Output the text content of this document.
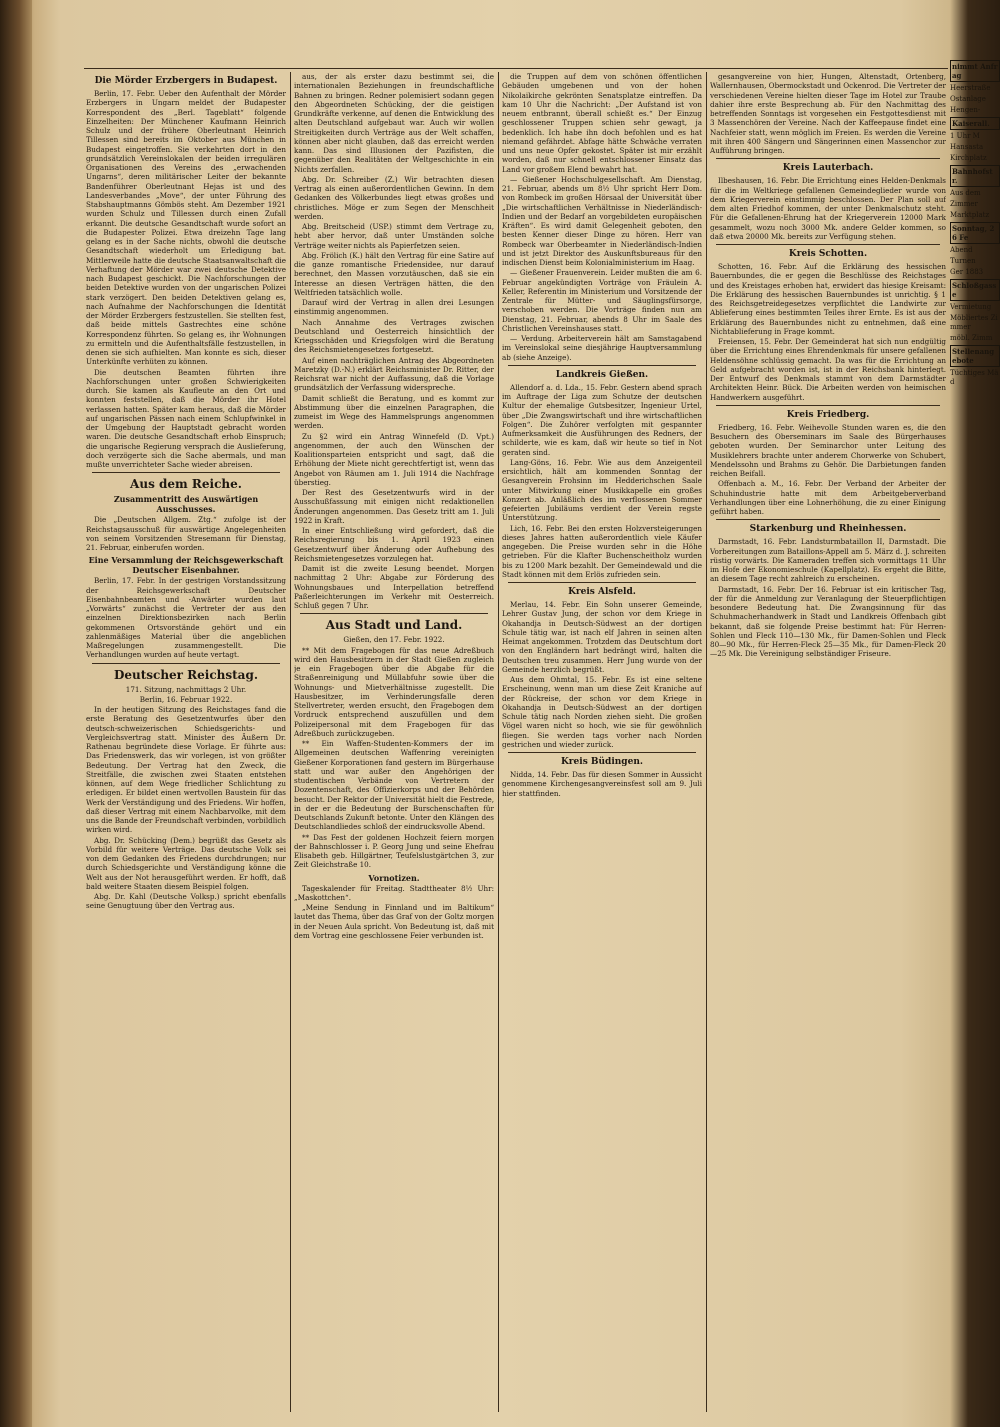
Die Mörder Erzbergers in Budapest.

Berlin, 17. Febr. Ueber den Aufenthalt der Mörder Erzbergers in Ungarn meldet der Budapester Korrespondent des „Berl. Tageblatt“ folgende Einzelheiten: Der Münchener Kaufmann Heinrich Schulz und der frühere Oberleutnant Heinrich Tillessen sind bereits im Oktober aus München in Budapest eingetroffen. Sie verkehrten dort in den grundsätzlich Vereinslokalen der beiden irregulären Organisationen des Vereins des „erwachenden Ungarns“, deren militärischer Leiter der bekannte Bandenführer Oberleutnant Hejas ist und des Landesverbandes „Move“, der unter Führung des Stabshauptmanns Gömbös steht. Am Dezember 1921 wurden Schulz und Tillessen durch einen Zufall erkannt. Die deutsche Gesandtschaft wurde sofort an die Budapester Polizei. Etwa dreizehn Tage lang gelang es in der Sache nichts, obwohl die deutsche Gesandtschaft wiederholt um Erledigung bat. Mittlerweile hatte die deutsche Staatsanwaltschaft die Verhaftung der Mörder war zwei deutsche Detektive nach Budapest geschickt. Die Nachforschungen der beiden Detektive wurden von der ungarischen Polizei stark verzögert. Den beiden Detektiven gelang es, nach Aufnahme der Nachforschungen die Identität der Mörder Erzbergers festzustellen. Sie stellten fest, daß beide mittels Gastrechtes eine schöne Korrespondenz führten. So gelang es, ihr Wohnungen zu ermitteln und die Aufenthaltsfälle festzustellen, in denen sie sich aufhielten. Man konnte es sich, dieser Unterkünfte verhüten zu können.

Die deutschen Beamten führten ihre Nachforschungen unter großen Schwierigkeiten durch. Sie kamen als Kaufleute an den Ort und konnten feststellen, daß die Mörder ihr Hotel verlassen hatten. Später kam heraus, daß die Mörder auf ungarischen Pässen nach einem Schlupfwinkel in der Umgebung der Hauptstadt gebracht worden waren. Die deutsche Gesandtschaft erhob Einspruch; die ungarische Regierung versprach die Auslieferung, doch verzögerte sich die Sache abermals, und man mußte unverrichteter Sache wieder abreisen.

Aus dem Reiche.
Zusammentritt des Auswärtigen Ausschusses.

Die „Deutschen Allgem. Ztg.“ zufolge ist der Reichstagsausschuß für auswärtige Angelegenheiten von seinem Vorsitzenden Stresemann für Dienstag, 21. Februar, einberufen worden.

Eine Versammlung der Reichsgewerkschaft Deutscher Eisenbahner.

Berlin, 17. Febr. In der gestrigen Vorstandssitzung der Reichsgewerkschaft Deutscher Eisenbahnbeamten und -Anwärter wurden laut „Vorwärts“ zunächst die Vertreter der aus den einzelnen Direktionsbezirken nach Berlin gekommenen Ortsvorstände gehört und ein zahlenmäßiges Material über die angeblichen Maßregelungen zusammengestellt. Die Verhandlungen wurden auf heute vertagt.

Deutscher Reichstag.
171. Sitzung, nachmittags 2 Uhr.
Berlin, 16. Februar 1922.

In der heutigen Sitzung des Reichstages fand die erste Beratung des Gesetzentwurfes über den deutsch-schweizerischen Schiedsgerichts- und Vergleichsvertrag statt. Minister des Äußern Dr. Rathenau begründete diese Vorlage. Er führte aus: Das Friedenswerk, das wir vorlegen, ist von größter Bedeutung. Der Vertrag hat den Zweck, die Streitfälle, die zwischen zwei Staaten entstehen können, auf dem Wege friedlicher Schlichtung zu erledigen. Er bildet einen wertvollen Baustein für das Werk der Verständigung und des Friedens. Wir hoffen, daß dieser Vertrag mit einem Nachbarvolke, mit dem uns die Bande der Freundschaft verbinden, vorbildlich wirken wird.

Abg. Dr. Schücking (Dem.) begrüßt das Gesetz als Vorbild für weitere Verträge. Das deutsche Volk sei von dem Gedanken des Friedens durchdrungen; nur durch Schiedsgerichte und Verständigung könne die Welt aus der Not herausgeführt werden. Er hofft, daß bald weitere Staaten diesem Beispiel folgen.

Abg. Dr. Kahl (Deutsche Volksp.) spricht ebenfalls seine Genugtuung über den Vertrag aus.

aus, der als erster dazu bestimmt sei, die internationalen Beziehungen in freundschaftliche Bahnen zu bringen. Redner polemisiert sodann gegen den Abgeordneten Schücking, der die geistigen Grundkräfte verkenne, auf denen die Entwicklung des alten Deutschland aufgebaut war. Auch wir wollen Streitigkeiten durch Verträge aus der Welt schaffen, können aber nicht glauben, daß das erreicht werden kann. Das sind Illusionen der Pazifisten, die gegenüber den Realitäten der Weltgeschichte in ein Nichts zerfallen.

Abg. Dr. Schreiber (Z.) Wir betrachten diesen Vertrag als einen außerordentlichen Gewinn. In dem Gedanken des Völkerbundes liegt etwas großes und christliches. Möge er zum Segen der Menschheit werden.

Abg. Breitscheid (USP.) stimmt dem Vertrage zu, hebt aber hervor, daß unter Umständen solche Verträge weiter nichts als Papierfetzen seien.

Abg. Frölich (K.) hält den Vertrag für eine Satire auf die ganze romantische Friedensidee, nur darauf berechnet, den Massen vorzutäuschen, daß sie ein Interesse an diesen Verträgen hätten, die den Weltfrieden tatsächlich wolle.

Darauf wird der Vertrag in allen drei Lesungen einstimmig angenommen.

Nach Annahme des Vertrages zwischen Deutschland und Oesterreich hinsichtlich der Kriegsschäden und Kriegsfolgen wird die Beratung des Reichsmietengesetzes fortgesetzt.

Auf einen nachträglichen Antrag des Abgeordneten Maretzky (D.-N.) erklärt Reichsminister Dr. Ritter, der Reichsrat war nicht der Auffassung, daß die Vorlage grundsätzlich der Verfassung widerspreche.

Damit schließt die Beratung, und es kommt zur Abstimmung über die einzelnen Paragraphen, die zumeist im Wege des Hammelsprungs angenommen werden.

Zu §2 wird ein Antrag Winnefeld (D. Vpt.) angenommen, der auch den Wünschen der Koalitionsparteien entspricht und sagt, daß die Erhöhung der Miete nicht gerechtfertigt ist, wenn das Angebot von Räumen am 1. Juli 1914 die Nachfrage überstieg.

Der Rest des Gesetzentwurfs wird in der Ausschußfassung mit einigen nicht redaktionellen Änderungen angenommen. Das Gesetz tritt am 1. Juli 1922 in Kraft.

In einer Entschließung wird gefordert, daß die Reichsregierung bis 1. April 1923 einen Gesetzentwurf über Änderung oder Aufhebung des Reichsmietengesetzes vorzulegen hat.

Damit ist die zweite Lesung beendet. Morgen nachmittag 2 Uhr: Abgabe zur Förderung des Wohnungsbaues und Interpellation betreffend Paßerleichterungen im Verkehr mit Oesterreich. Schluß gegen 7 Uhr.

Aus Stadt und Land.
Gießen, den 17. Febr. 1922.

** Mit dem Fragebogen für das neue Adreßbuch wird den Hausbesitzern in der Stadt Gießen zugleich je ein Fragebogen über die Abgabe für die Straßenreinigung und Müllabfuhr sowie über die Wohnungs- und Mietverhältnisse zugestellt. Die Hausbesitzer, im Verhinderungsfalle deren Stellvertreter, werden ersucht, den Fragebogen dem Vordruck entsprechend auszufüllen und dem Polizeipersonal mit dem Fragebogen für das Adreßbuch zurückzugeben.

** Ein Waffen-Studenten-Kommers der im Allgemeinen deutschen Waffenring vereinigten Gießener Korporationen fand gestern im Bürgerhause statt und war außer den Angehörigen der studentischen Verbände von Vertretern der Dozentenschaft, des Offizierkorps und der Behörden besucht. Der Rektor der Universität hielt die Festrede, in der er die Bedeutung der Burschenschaften für Deutschlands Zukunft betonte. Unter den Klängen des Deutschlandliedes schloß der eindrucksvolle Abend.

** Das Fest der goldenen Hochzeit feiern morgen der Bahnschlosser i. P. Georg Jung und seine Ehefrau Elisabeth geb. Hillgärtner, Teufelslustgärtchen 3, zur Zeit Gleichstraße 10.

Vornotizen.

Tageskalender für Freitag. Stadttheater 8½ Uhr: „Maskottchen“.

„Meine Sendung in Finnland und im Baltikum“ lautet das Thema, über das Graf von der Goltz morgen in der Neuen Aula spricht. Von Bedeutung ist, daß mit dem Vortrag eine geschlossene Feier verbunden ist.

die Truppen auf dem von schönen öffentlichen Gebäuden umgebenen und von der hohen Nikolaikirche gekrönten Senatsplatze eintreffen. Da kam 10 Uhr die Nachricht: „Der Aufstand ist von neuem entbrannt, überall schießt es.“ Der Einzug geschlossener Truppen schien sehr gewagt, ja bedenklich. Ich habe ihn doch befohlen und es hat niemand gefährdet. Abfage hätte Schwäche verraten und uns neue Opfer gekostet. Später ist mir erzählt worden, daß nur schnell entschlossener Einsatz das Land vor großem Elend bewahrt hat.

— Gießener Hochschulgesellschaft. Am Dienstag, 21. Februar, abends um 8½ Uhr spricht Herr Dom. von Rombeck im großen Hörsaal der Universität über „Die wirtschaftlichen Verhältnisse in Niederländisch-Indien und der Bedarf an vorgebildeten europäischen Kräften“. Es wird damit Gelegenheit geboten, den besten Kenner dieser Dinge zu hören. Herr van Rombeck war Oberbeamter in Niederländisch-Indien und ist jetzt Direktor des Auskunftsbureaus für den indischen Dienst beim Kolonialministerium im Haag.

— Gießener Frauenverein. Leider mußten die am 6. Februar angekündigten Vorträge von Fräulein A. Keller, Referentin im Ministerium und Vorsitzende der Zentrale für Mütter- und Säuglingsfürsorge, verschoben werden. Die Vorträge finden nun am Dienstag, 21. Februar, abends 8 Uhr im Saale des Christlichen Vereinshauses statt.

— Verdung. Arbeiterverein hält am Samstagabend im Vereinslokal seine diesjährige Hauptversammlung ab (siehe Anzeige).

Landkreis Gießen.

Allendorf a. d. Lda., 15. Febr. Gestern abend sprach im Auftrage der Liga zum Schutze der deutschen Kultur der ehemalige Gutsbesitzer, Ingenieur Urtel, über „Die Zwangswirtschaft und ihre wirtschaftlichen Folgen“. Die Zuhörer verfolgten mit gespannter Aufmerksamkeit die Ausführungen des Redners, der schilderte, wie es kam, daß wir heute so tief in Not geraten sind.

Lang-Göns, 16. Febr. Wie aus dem Anzeigenteil ersichtlich, hält am kommenden Sonntag der Gesangverein Frohsinn im Hedderichschen Saale unter Mitwirkung einer Musikkapelle ein großes Konzert ab. Anläßlich des im verflossenen Sommer gefeierten Jubiläums verdient der Verein regste Unterstützung.

Lich, 16. Febr. Bei den ersten Holzversteigerungen dieses Jahres hatten außerordentlich viele Käufer angegeben. Die Preise wurden sehr in die Höhe getrieben. Für die Klafter Buchenscheitholz wurden bis zu 1200 Mark bezahlt. Der Gemeindewald und die Stadt können mit dem Erlös zufrieden sein.

Kreis Alsfeld.

Merlau, 14. Febr. Ein Sohn unserer Gemeinde, Lehrer Gustav Jung, der schon vor dem Kriege in Okahandja in Deutsch-Südwest an der dortigen Schule tätig war, ist nach elf Jahren in seinen alten Heimat angekommen. Trotzdem das Deutschtum dort von den Engländern hart bedrängt wird, halten die Deutschen treu zusammen. Herr Jung wurde von der Gemeinde herzlich begrüßt.

Aus dem Ohmtal, 15. Febr. Es ist eine seltene Erscheinung, wenn man um diese Zeit Kraniche auf der Rückreise, der schon vor dem Kriege in Okahandja in Deutsch-Südwest an der dortigen Schule tätig nach Norden ziehen sieht. Die großen Vögel waren nicht so hoch, wie sie für gewöhnlich fliegen. Sie werden tags vorher nach Norden gestrichen und wieder zurück.

Kreis Büdingen.

Nidda, 14. Febr. Das für diesen Sommer in Aussicht genommene Kirchengesangvereinsfest soll am 9. Juli hier stattfinden.

gesangvereine von hier, Hungen, Altenstadt, Ortenberg, Wallernhausen, Obermockstadt und Ockenrod. Die Vertreter der verschiedenen Vereine hielten dieser Tage im Hotel zur Traube dahier ihre erste Besprechung ab. Für den Nachmittag des betreffenden Sonntags ist vorgesehen ein Festgottesdienst mit 3 Massenchören der Vereine. Nach der Kaffeepause findet eine Nachfeier statt, wenn möglich im Freien. Es werden die Vereine mit ihren 400 Sängern und Sängerinnen einen Massenchor zur Aufführung bringen.

Kreis Lauterbach.

Ilbeshausen, 16. Febr. Die Errichtung eines Helden-Denkmals für die im Weltkriege gefallenen Gemeindeglieder wurde von dem Kriegerverein einstimmig beschlossen. Der Plan soll auf dem alten Friedhof kommen, der unter Denkmalschutz steht. Für die Gefallenen-Ehrung hat der Kriegerverein 12000 Mark gesammelt, wozu noch 3000 Mk. andere Gelder kommen, so daß etwa 20000 Mk. bereits zur Verfügung stehen.

Kreis Schotten.

Schotten, 16. Febr. Auf die Erklärung des hessischen Bauernbundes, die er gegen die Beschlüsse des Reichstages und des Kreistages erhoben hat, erwidert das hiesige Kreisamt: Die Erklärung des hessischen Bauernbundes ist unrichtig. § 1 des Reichsgetreidegesetzes verpflichtet die Landwirte zur Ablieferung eines bestimmten Teiles ihrer Ernte. Es ist aus der Erklärung des Bauernbundes nicht zu entnehmen, daß eine Nichtablieferung in Frage kommt.

Freiensen, 15. Febr. Der Gemeinderat hat sich nun endgültig über die Errichtung eines Ehrendenkmals für unsere gefallenen Heldensöhne schlüssig gemacht. Da was für die Errichtung an Geld aufgebracht worden ist, ist in der Reichsbank hinterlegt. Der Entwurf des Denkmals stammt von dem Darmstädter Architekten Heinr. Bück. Die Arbeiten werden von heimischen Handwerkern ausgeführt.

Kreis Friedberg.

Friedberg, 16. Febr. Weihevolle Stunden waren es, die den Besuchern des Oberseminars im Saale des Bürgerhauses geboten wurden. Der Seminarchor unter Leitung des Musiklehrers brachte unter anderem Chorwerke von Schubert, Mendelssohn und Brahms zu Gehör. Die Darbietungen fanden reichen Beifall.

Offenbach a. M., 16. Febr. Der Verband der Arbeiter der Schuhindustrie hatte mit dem Arbeitgeberverband Verhandlungen über eine Lohnerhöhung, die zu einer Einigung geführt haben.

Starkenburg und Rheinhessen.

Darmstadt, 16. Febr. Landsturmbataillon II, Darmstadt. Die Vorbereitungen zum Bataillons-Appell am 5. März d. J. schreiten rüstig vorwärts. Die Kameraden treffen sich vormittags 11 Uhr im Hofe der Ekonomieschule (Kapellplatz). Es ergeht die Bitte, an diesem Tage recht zahlreich zu erscheinen.

Darmstadt, 16. Febr. Der 16. Februar ist ein kritischer Tag, der für die Anmeldung zur Veranlagung der Steuerpflichtigen besondere Bedeutung hat. Die Zwangsinnung für das Schuhmacherhandwerk in Stadt und Landkreis Offenbach gibt bekannt, daß sie folgende Preise bestimmt hat: Für Herren-Sohlen und Fleck 110—130 Mk., für Damen-Sohlen und Fleck 80—90 Mk., für Herren-Fleck 25—35 Mk., für Damen-Fleck 20—25 Mk. Die Vereinigung selbständiger Friseure.

nimmt Anfrag
Heerstraße
Ostanlage
Hengen-
Kaiserall.
1 Uhr M
Hansasta
Kirchplatz
Bahnhofstr.
Aus dem
Zimmer
Marktplatz
Sonntag, 26 Fe
Abend
Turnen
Ger 1883
Schloßgasse
Vermietung
Möbliertes Zimmer
möbl. Zimm
Stellenangebote
Tüchtiges Mäd
